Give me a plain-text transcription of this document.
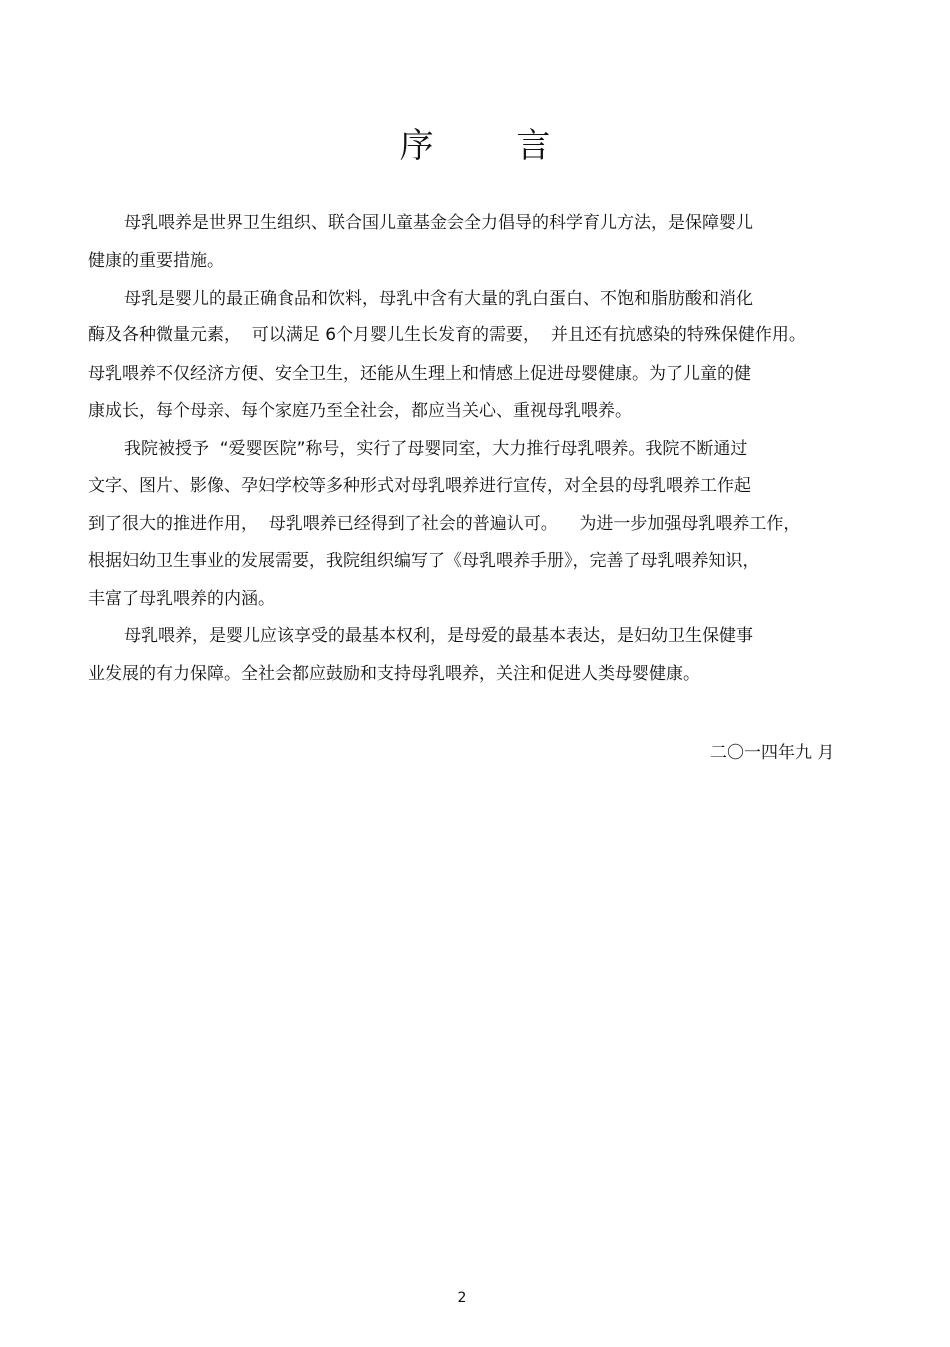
序 言

母乳喂养是世界卫生组织、联合国儿童基金会全力倡导的科学育儿方法，是保障婴儿

健康的重要措施。

母乳是婴儿的最正确食品和饮料，母乳中含有大量的乳白蛋白、不饱和脂肪酸和消化

酶及各种微量元素，  可以满足 6个月婴儿生长发育的需要，  并且还有抗感染的特殊保健作用。

母乳喂养不仅经济方便、安全卫生，还能从生理上和情感上促进母婴健康。为了儿童的健

康成长，每个母亲、每个家庭乃至全社会，都应当关心、重视母乳喂养。

我院被授予  “爱婴医院”称号，实行了母婴同室，大力推行母乳喂养。我院不断通过

文字、图片、影像、孕妇学校等多种形式对母乳喂养进行宣传，对全县的母乳喂养工作起

到了很大的推进作用，  母乳喂养已经得到了社会的普遍认可。    为进一步加强母乳喂养工作，

根据妇幼卫生事业的发展需要，我院组织编写了《母乳喂养手册》，完善了母乳喂养知识，

丰富了母乳喂养的内涵。

母乳喂养，是婴儿应该享受的最基本权利，是母爱的最基本表达，是妇幼卫生保健事

业发展的有力保障。全社会都应鼓励和支持母乳喂养，关注和促进人类母婴健康。

二〇一四年九 月
2
